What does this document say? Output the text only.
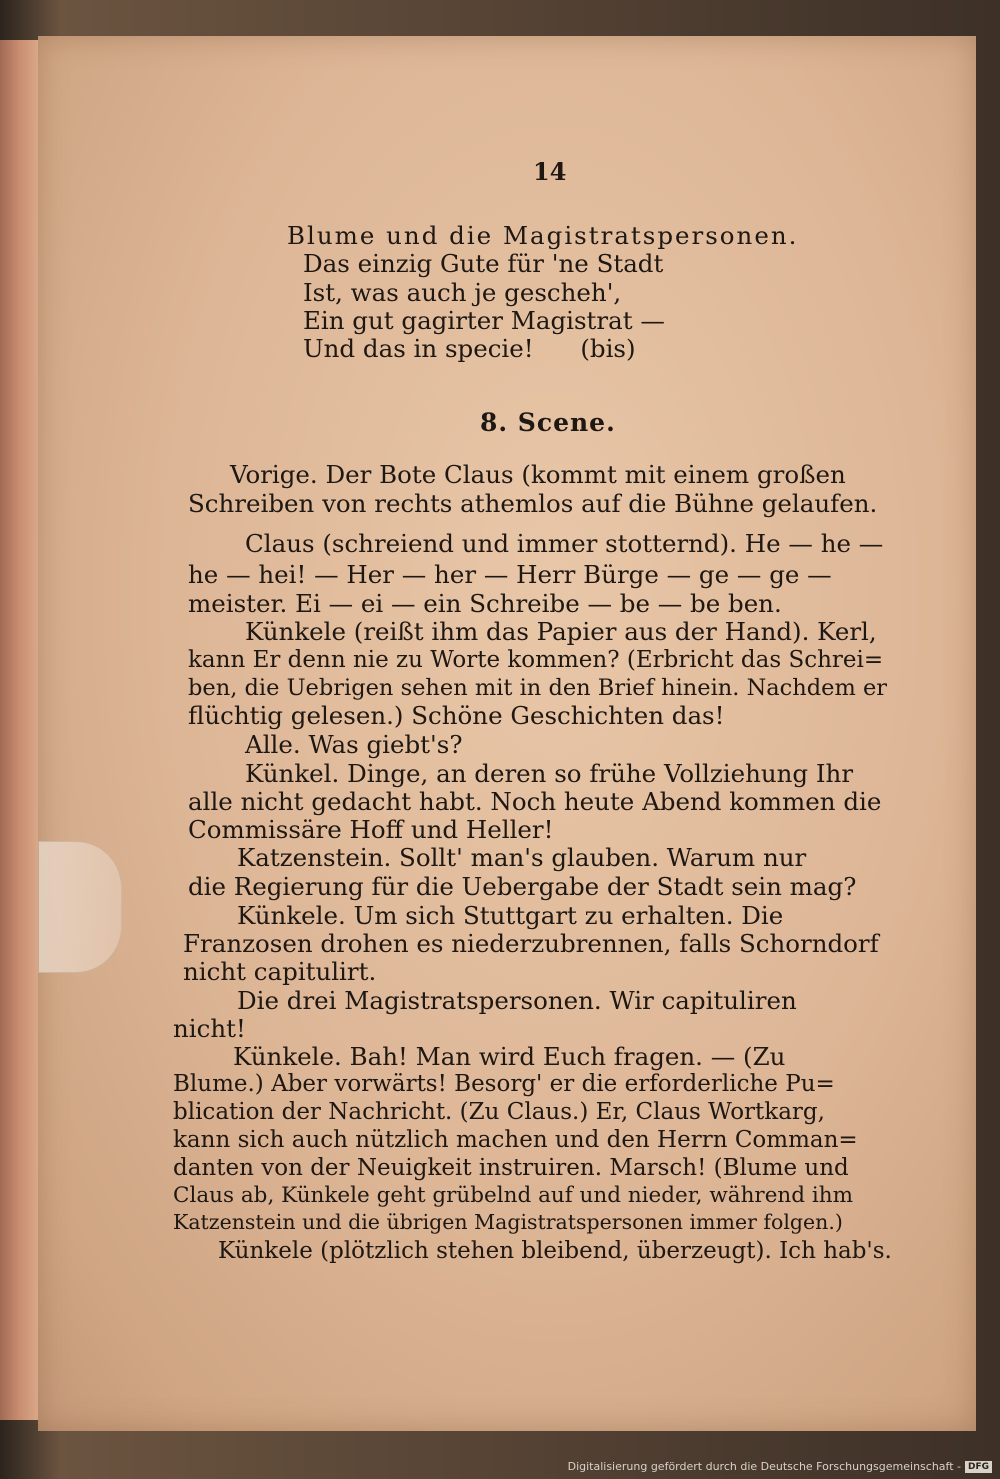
14
Blume und die Magistratspersonen.
Das einzig Gute für 'ne Stadt
Ist, was auch je gescheh',
Ein gut gagirter Magistrat —
Und das in specie!      (bis)
8. Scene.
Vorige. Der Bote Claus (kommt mit einem großen
Schreiben von rechts athemlos auf die Bühne gelaufen.
Claus (schreiend und immer stotternd). He — he —
he — hei! — Her — her — Herr Bürge — ge — ge —
meister. Ei — ei — ein Schreibe — be — be ben.
Künkele (reißt ihm das Papier aus der Hand). Kerl,
kann Er denn nie zu Worte kommen? (Erbricht das Schrei=
ben, die Uebrigen sehen mit in den Brief hinein. Nachdem er
flüchtig gelesen.) Schöne Geschichten das!
Alle. Was giebt's?
Künkel. Dinge, an deren so frühe Vollziehung Ihr
alle nicht gedacht habt. Noch heute Abend kommen die
Commissäre Hoff und Heller!
Katzenstein. Sollt' man's glauben. Warum nur
die Regierung für die Uebergabe der Stadt sein mag?
Künkele. Um sich Stuttgart zu erhalten. Die
Franzosen drohen es niederzubrennen, falls Schorndorf
nicht capitulirt.
Die drei Magistratspersonen. Wir capituliren
nicht!
Künkele. Bah! Man wird Euch fragen. — (Zu
Blume.) Aber vorwärts! Besorg' er die erforderliche Pu=
blication der Nachricht. (Zu Claus.) Er, Claus Wortkarg,
kann sich auch nützlich machen und den Herrn Comman=
danten von der Neuigkeit instruiren. Marsch! (Blume und
Claus ab, Künkele geht grübelnd auf und nieder, während ihm
Katzenstein und die übrigen Magistratspersonen immer folgen.)
Künkele (plötzlich stehen bleibend, überzeugt). Ich hab's.
Digitalisierung gefördert durch die Deutsche Forschungsgemeinschaft - DFG
